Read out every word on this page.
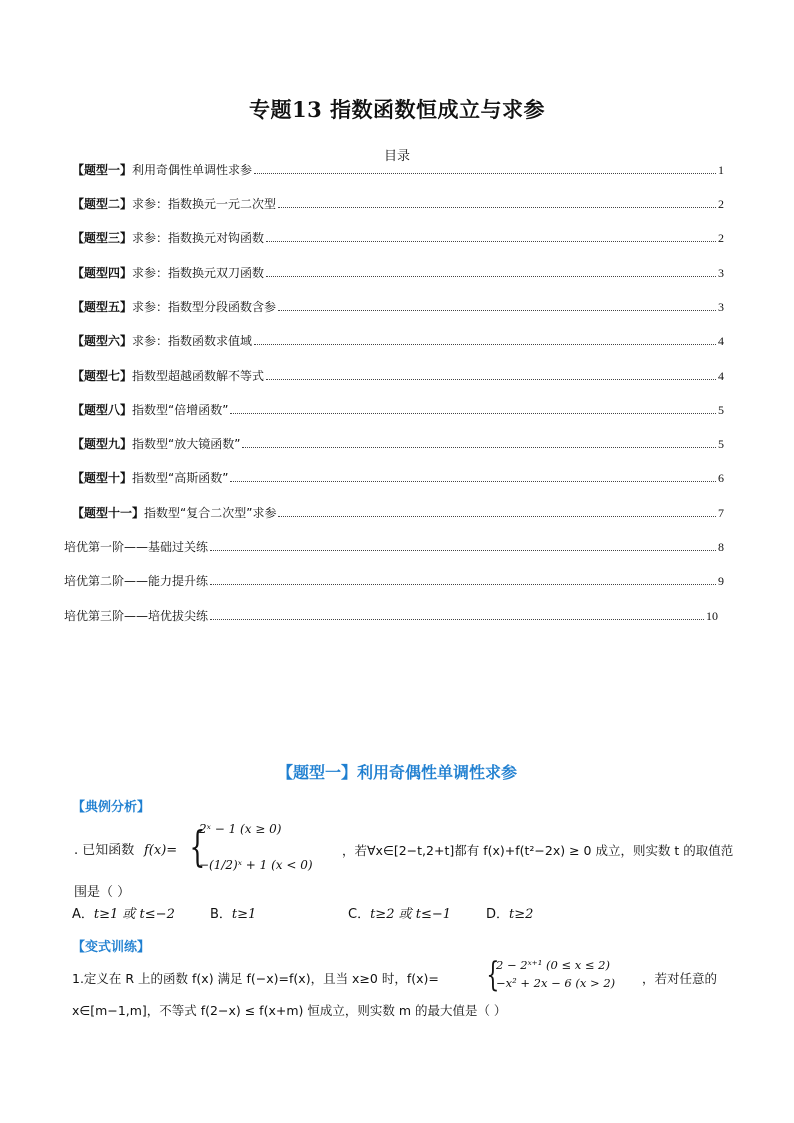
专题13 指数函数恒成立与求参
目录
【题型一】利用奇偶性单调性求参	1
【题型二】求参：指数换元一元二次型	2
【题型三】求参：指数换元对钩函数	2
【题型四】求参：指数换元双刀函数	3
【题型五】求参：指数型分段函数含参	3
【题型六】求参：指数函数求值域	4
【题型七】指数型超越函数解不等式	4
【题型八】指数型“倍增函数”	5
【题型九】指数型“放大镜函数”	5
【题型十】指数型“高斯函数”	6
【题型十一】指数型“复合二次型”求参	7
培优第一阶——基础过关练	8
培优第二阶——能力提升练	9
培优第三阶——培优拔尖练	10
【题型一】利用奇偶性单调性求参
【典例分析】
. 已知函数 f(x)= {
2ˣ − 1 (x ≥ 0)
−(1/2)ˣ + 1 (x < 0)
，若∀x∈[2−t,2+t]都有 f(x)+f(t²−2x) ≥ 0 成立，则实数 t 的取值范
围是（ ）
A．t≥1 或 t≤−2	B．t≥1	C．t≥2 或 t≤−1	D．t≥2
【变式训练】
1.定义在 R 上的函数 f(x) 满足 f(−x)=f(x)，且当 x≥0 时，f(x)= {
2 − 2ˣ⁺¹ (0 ≤ x ≤ 2)
−x² + 2x − 6 (x > 2) ，若对任意的
x∈[m−1,m]，不等式 f(2−x) ≤ f(x+m) 恒成立，则实数 m 的最大值是（ ）
